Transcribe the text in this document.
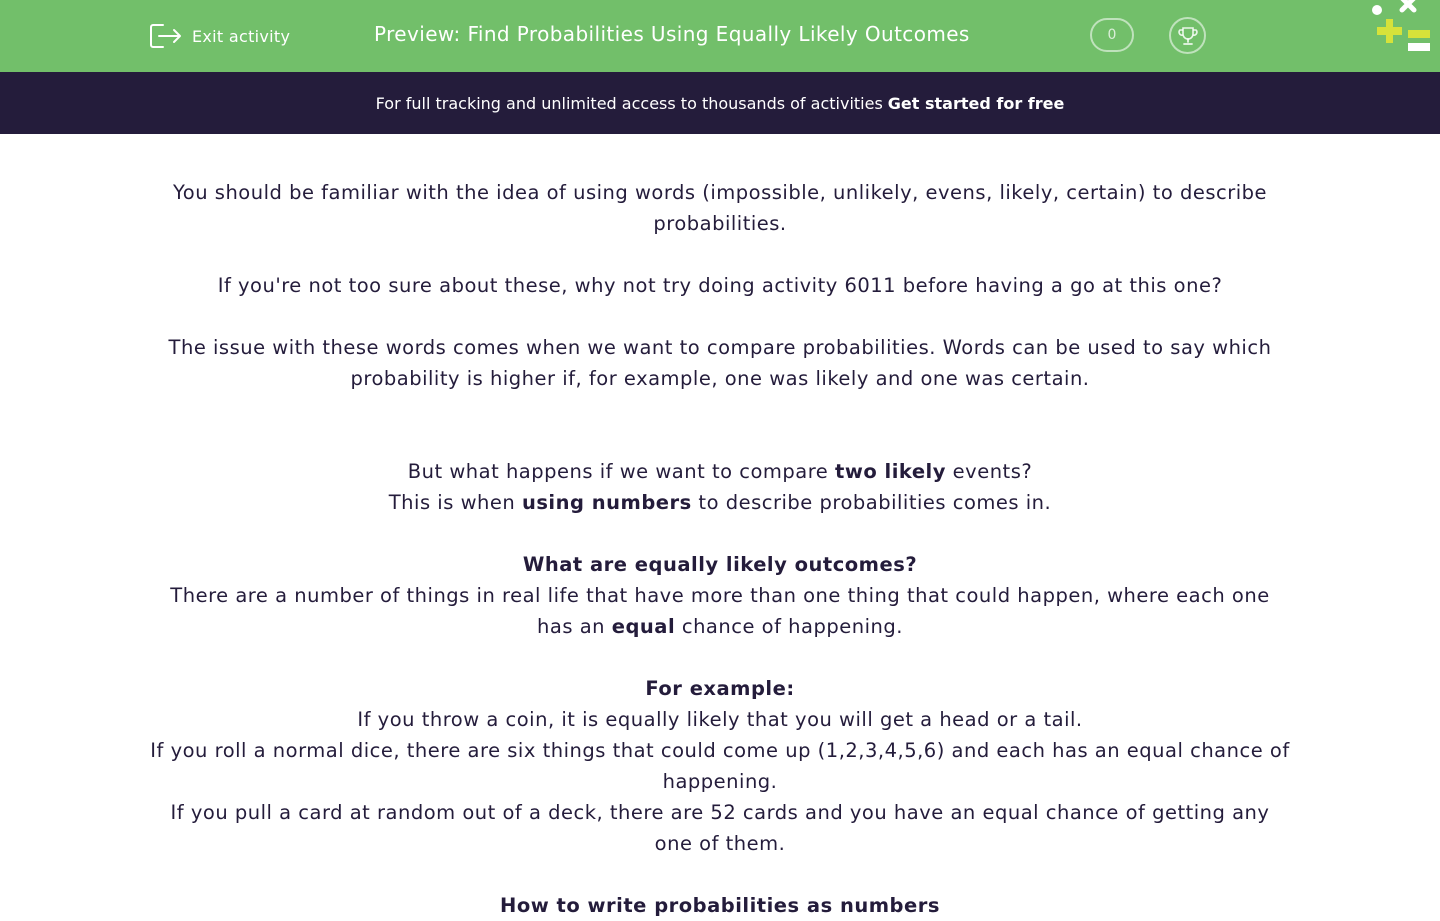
Exit activity	Preview: Find Probabilities Using Equally Likely Outcomes	0
For full tracking and unlimited access to thousands of activities Get started for free

You should be familiar with the idea of using words (impossible, unlikely, evens, likely, certain) to describe probabilities.

If you're not too sure about these, why not try doing activity 6011 before having a go at this one?

The issue with these words comes when we want to compare probabilities. Words can be used to say which probability is higher if, for example, one was likely and one was certain.

But what happens if we want to compare two likely events?

This is when using numbers to describe probabilities comes in.

What are equally likely outcomes?

There are a number of things in real life that have more than one thing that could happen, where each one has an equal chance of happening.

For example:

If you throw a coin, it is equally likely that you will get a head or a tail.

If you roll a normal dice, there are six things that could come up (1,2,3,4,5,6) and each has an equal chance of happening.

If you pull a card at random out of a deck, there are 52 cards and you have an equal chance of getting any one of them.

How to write probabilities as numbers
